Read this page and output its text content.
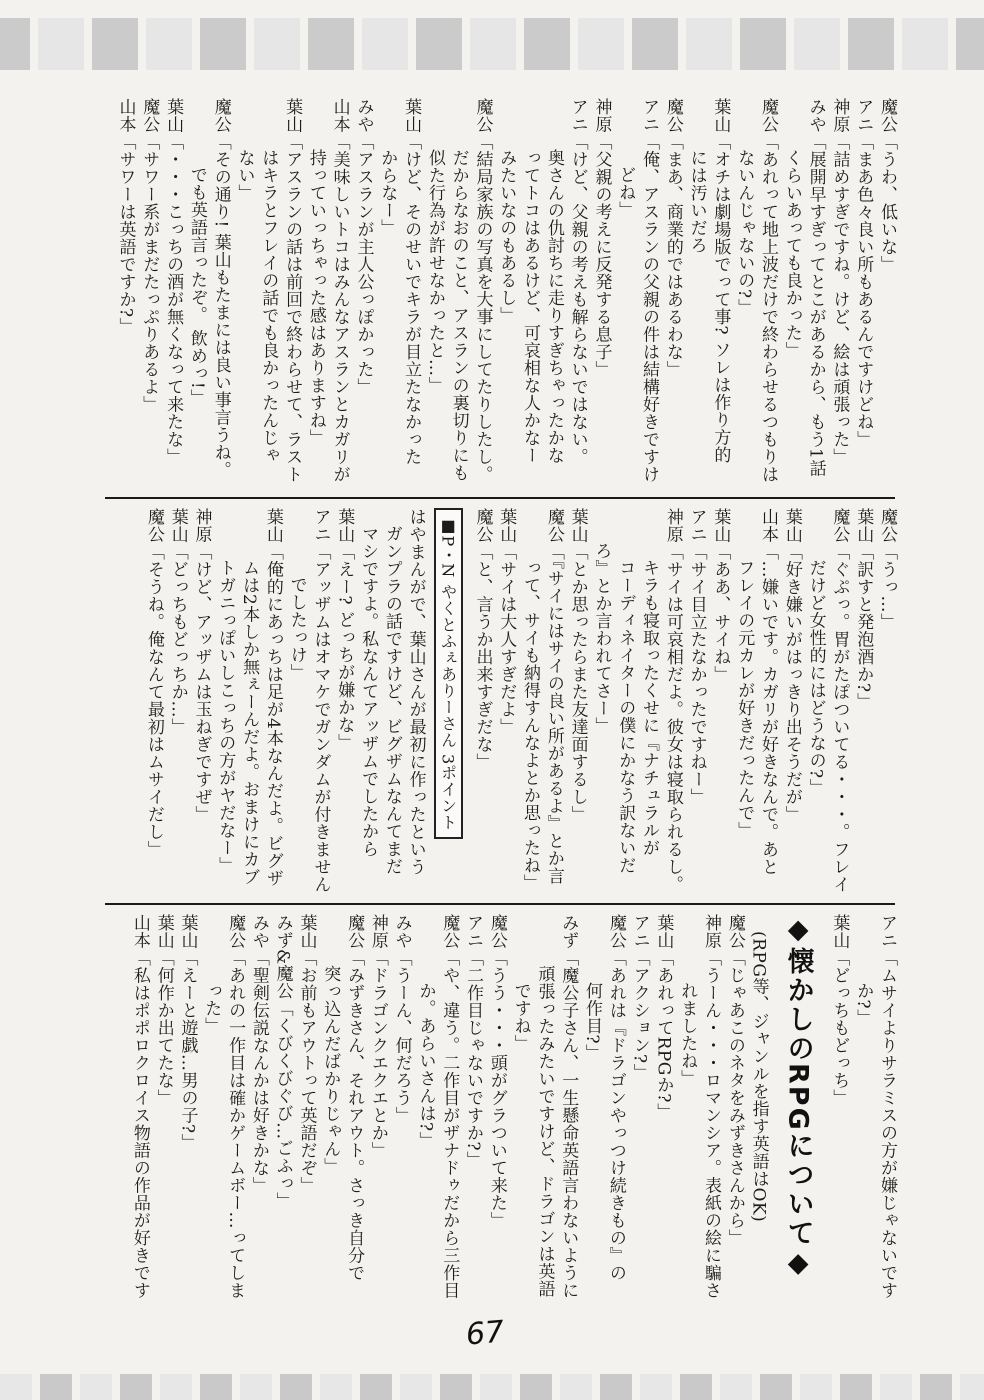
魔公「うわ、低いな」
アニ「まあ色々良い所もあるんですけどね」
神原「詰めすぎですね。けど、絵は頑張った」
みや「展開早すぎってとこがあるから、もう1話
くらいあっても良かった」
魔公「あれって地上波だけで終わらせるつもりは
ないんじゃないの?」
葉山「オチは劇場版でって事? ソレは作り方的
には汚いだろ
魔公「まあ、商業的ではあるわな」
アニ「俺、アスランの父親の件は結構好きですけ
どね」
神原「父親の考えに反発する息子」
アニ「けど、父親の考えも解らないではない。
奥さんの仇討ちに走りすぎちゃったかな
ってトコはあるけど、可哀相な人かなー
みたいなのもあるし」
魔公「結局家族の写真を大事にしてたりしたし。
だからなおのこと、アスランの裏切りにも
似た行為が許せなかったと…」
葉山「けど、そのせいでキラが目立たなかった
からなー」
みや「アスランが主人公っぽかった」
山本「美味しいトコはみんなアスランとカガリが
持っていっちゃった感はありますね」
葉山「アスランの話は前回で終わらせて、ラスト
はキラとフレイの話でも良かったんじゃ
ない」
魔公「その通り! 葉山もたまには良い事言うね。
でも英語言ったぞ。 飲めっ!」
葉山「・・・こっちの酒が無くなって来たな」
魔公「サワー系がまだたっぷりあるよ」
山本「サワーは英語ですか?」
魔公「うっ…」
葉山「訳すと発泡酒か?」
魔公「ぐぷっ。胃がたぽついてる・・・。フレイ
だけど女性的にはどうなの?」
葉山「好き嫌いがはっきり出そうだが」
山本「…嫌いです。カガリが好きなんで。あと
フレイの元カレが好きだったんで」
葉山「ああ、サイね」
アニ「サイ目立たなかったですねー」
神原「サイは可哀相だよ。彼女は寝取られるし。
キラも寝取ったくせに『ナチュラルが
コーディネイターの僕にかなう訳ないだ
ろ』とか言われてさー」
葉山「とか思ったらまた友達面するし」
魔公「『サイにはサイの良い所があるよ』とか言
って、サイも納得すんなよとか思ったね」
葉山「サイは大人すぎだよ」
魔公「と、言うか出来すぎだな」
■P・N やくとふぇありーさん 3ポイント
はやまんがで、葉山さんが最初に作ったという
ガンプラの話ですけど、ビグザムなんてまだ
マシですよ。私なんてアッザムでしたから
葉山「えー? どっちが嫌かな」
アニ「アッザムはオマケでガンダムが付きません
でしたっけ」
葉山「俺的にあっちは足が4本なんだよ。ビグザ
ムは2本しか無ぇーんだよ。おまけにカブ
トガニっぽいしこっちの方がヤだなー」
神原「けど、アッザムは玉ねぎですぜ」
葉山「どっちもどっちか…」
魔公「そうね。俺なんて最初はムサイだし」
アニ「ムサイよりサラミスの方が嫌じゃないです
か?」
葉山「どっちもどっち」
◆懐かしのRPGについて◆
(RPG等、ジャンルを指す英語はOK)
魔公「じゃあこのネタをみずきさんから」
神原「うーん・・・ロマンシア。表紙の絵に騙さ
れましたね」
葉山「あれってRPGか?」
アニ「アクション?」
魔公「あれは『ドラゴンやっつけ続きもの』の
何作目?」
みず「魔公子さん、一生懸命英語言わないように
頑張ったみたいですけど、ドラゴンは英語
ですね」
魔公「うう・・・頭がグラついて来た」
アニ「二作目じゃないですか?」
魔公「や、違う。二作目がザナドゥだから三作目
か。あらいさんは?」
みや「うーん、何だろう」
神原「ドラゴンクエクエとか」
魔公「みずきさん、それアウト。さっき自分で
突っ込んだばかりじゃん」
葉山「お前もアウトって英語だぞ」
みず&魔公「くびくびぐび…ごふっ」
みや「聖剣伝説なんかは好きかな」
魔公「あれの一作目は確かゲームボー…ってしま
った」
葉山「えーと遊戯…男の子?」
葉山「何作か出てたな」
山本「私はポポロクロイス物語の作品が好きです
67
